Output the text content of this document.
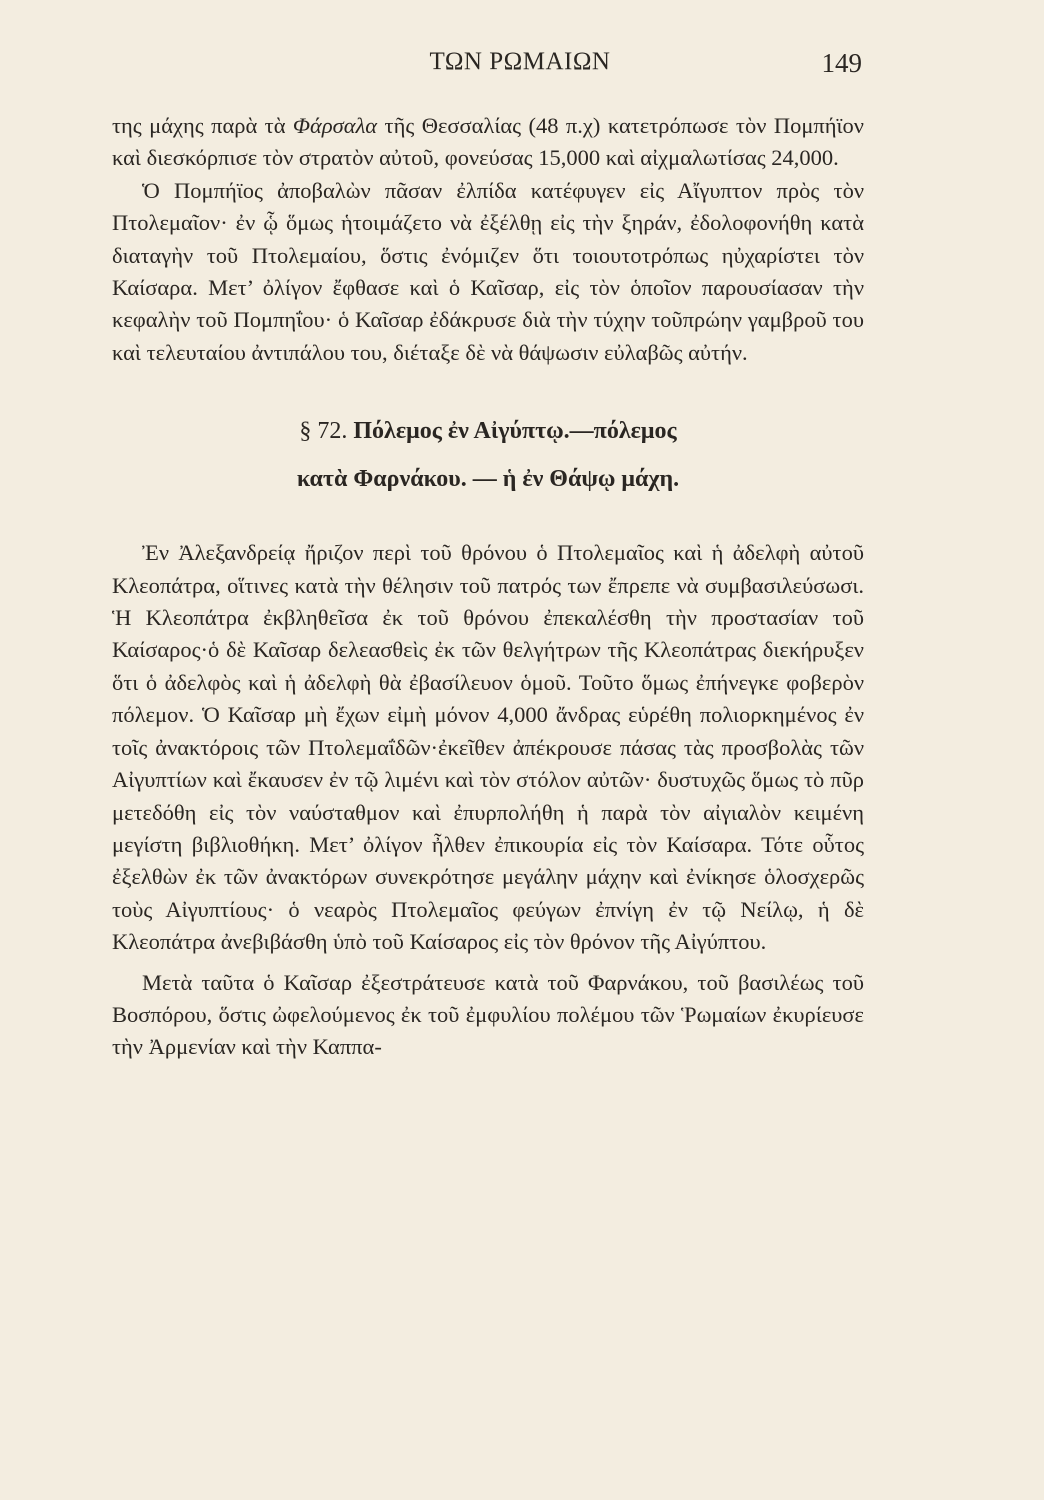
ΤΩΝ ΡΩΜΑΙΩΝ	149

της μάχης παρὰ τὰ Φάρσαλα τῆς Θεσσαλίας (48 π.χ) κατετρόπωσε τὸν Πομπήϊον καὶ διεσκόρπισε τὸν στρατὸν αὐτοῦ, φονεύσας 15,000 καὶ αἰχμαλωτίσας 24,000.

Ὁ Πομπήϊος ἀποβαλὼν πᾶσαν ἐλπίδα κατέφυγεν εἰς Αἴγυπτον πρὸς τὸν Πτολεμαῖον· ἐν ᾧ ὅμως ἡτοιμάζετο νὰ ἐξέλθῃ εἰς τὴν ξηράν, ἐδολοφονήθη κατὰ διαταγὴν τοῦ Πτολεμαίου, ὅστις ἐνόμιζεν ὅτι τοιουτοτρόπως ηὐχαρίστει τὸν Καίσαρα. Μετ’ ὀλίγον ἔφθασε καὶ ὁ Καῖσαρ, εἰς τὸν ὁποῖον παρουσίασαν τὴν κεφαλὴν τοῦ Πομπηΐου· ὁ Καῖσαρ ἐδάκρυσε διὰ τὴν τύχην τοῦπρώην γαμβροῦ του καὶ τελευταίου ἀντιπάλου του, διέταξε δὲ νὰ θάψωσιν εὐλαβῶς αὐτήν.

§ 72. Πόλεμος ἐν Αἰγύπτῳ.—πόλεμος
κατὰ Φαρνάκου. — ἡ ἐν Θάψῳ μάχη.

Ἐν Ἀλεξανδρείᾳ ἤριζον περὶ τοῦ θρόνου ὁ Πτολεμαῖος καὶ ἡ ἀδελφὴ αὐτοῦ Κλεοπάτρα, οἵτινες κατὰ τὴν θέλησιν τοῦ πατρός των ἔπρεπε νὰ συμβασιλεύσωσι. Ἡ Κλεοπάτρα ἐκβληθεῖσα ἐκ τοῦ θρόνου ἐπεκαλέσθη τὴν προστασίαν τοῦ Καίσαρος·ὁ δὲ Καῖσαρ δελεασθεὶς ἐκ τῶν θελγήτρων τῆς Κλεοπάτρας διεκήρυξεν ὅτι ὁ ἀδελφὸς καὶ ἡ ἀδελφὴ θὰ ἐβασίλευον ὁμοῦ. Τοῦτο ὅμως ἐπήνεγκε φοβερὸν πόλεμον. Ὁ Καῖσαρ μὴ ἔχων εἰμὴ μόνον 4,000 ἄνδρας εὑρέθη πολιορκημένος ἐν τοῖς ἀνακτόροις τῶν Πτολεμαΐδῶν·ἐκεῖθεν ἀπέκρουσε πάσας τὰς προσβολὰς τῶν Αἰγυπτίων καὶ ἔκαυσεν ἐν τῷ λιμένι καὶ τὸν στόλον αὐτῶν· δυστυχῶς ὅμως τὸ πῦρ μετεδόθη εἰς τὸν ναύσταθμον καὶ ἐπυρπολήθη ἡ παρὰ τὸν αἰγιαλὸν κειμένη μεγίστη βιβλιοθήκη. Μετ’ ὀλίγον ἦλθεν ἐπικουρία εἰς τὸν Καίσαρα. Τότε οὗτος ἐξελθὼν ἐκ τῶν ἀνακτόρων συνεκρότησε μεγάλην μάχην καὶ ἐνίκησε ὁλοσχερῶς τοὺς Αἰγυπτίους· ὁ νεαρὸς Πτολεμαῖος φεύγων ἐπνίγη ἐν τῷ Νείλῳ, ἡ δὲ Κλεοπάτρα ἀνεβιβάσθη ὑπὸ τοῦ Καίσαρος εἰς τὸν θρόνον τῆς Αἰγύπτου.

Μετὰ ταῦτα ὁ Καῖσαρ ἐξεστράτευσε κατὰ τοῦ Φαρνάκου, τοῦ βασιλέως τοῦ Βοσπόρου, ὅστις ὠφελούμενος ἐκ τοῦ ἐμφυλίου πολέμου τῶν Ῥωμαίων ἐκυρίευσε τὴν Ἀρμενίαν καὶ τὴν Καππα-
